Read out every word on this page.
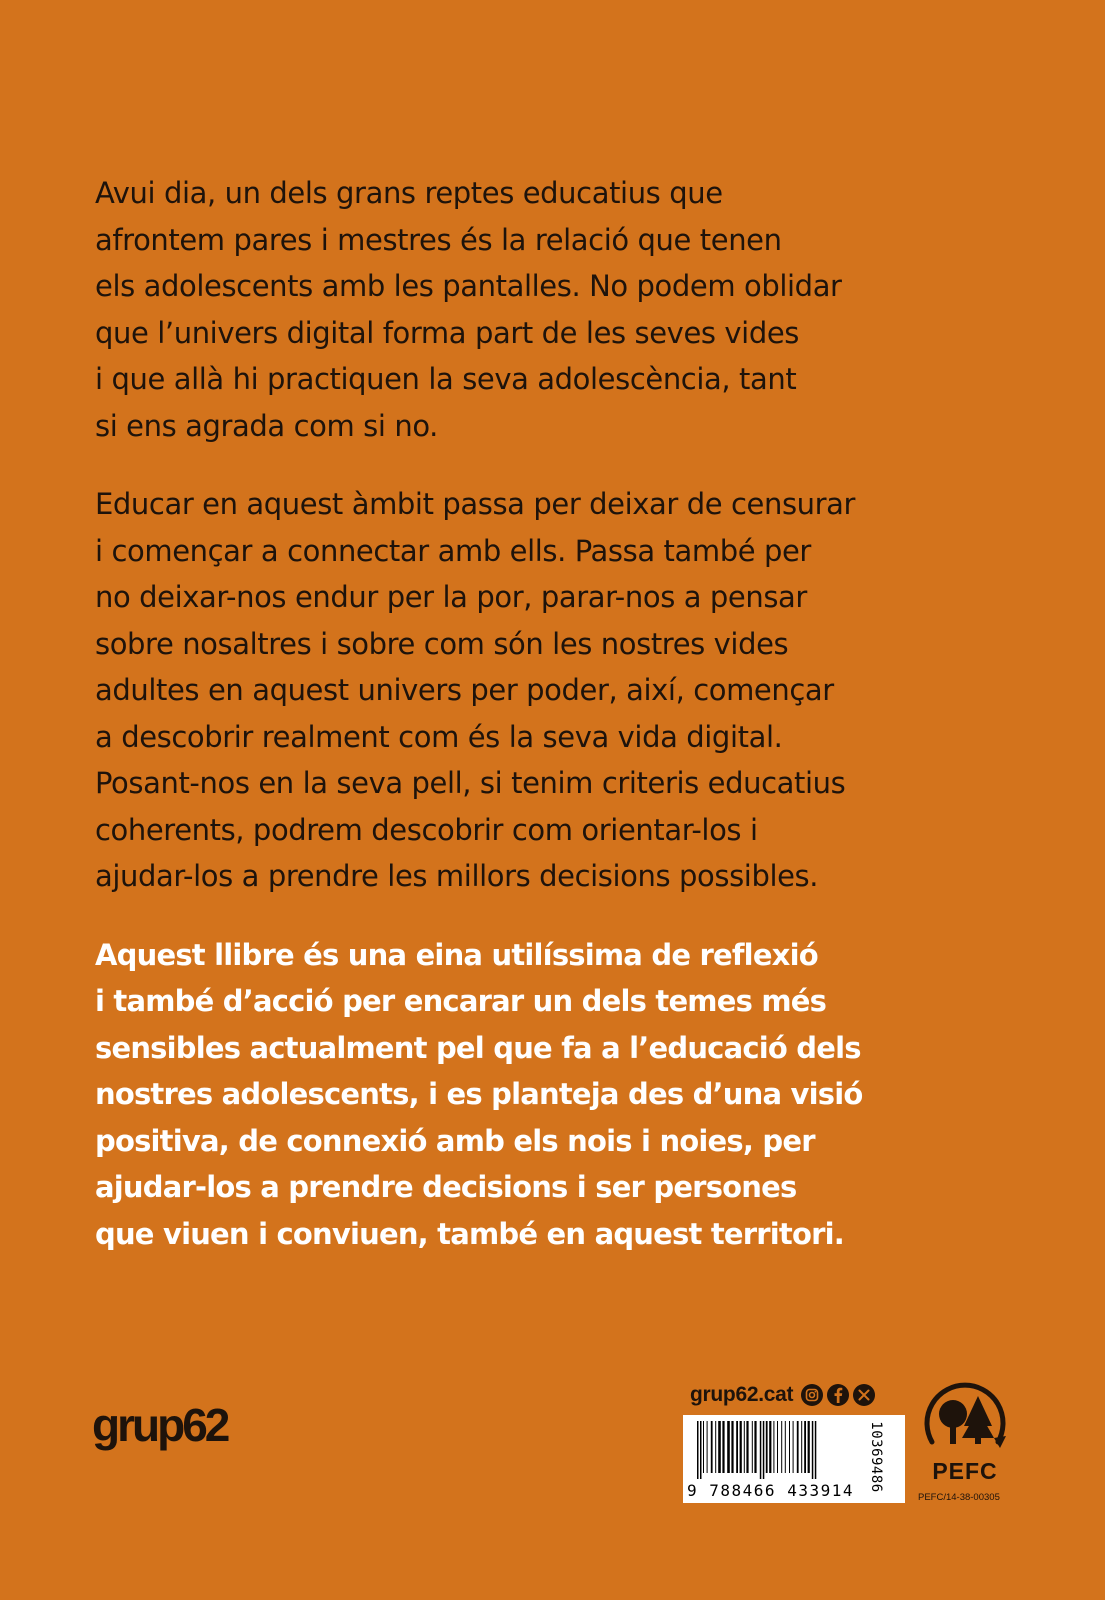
Avui dia, un dels grans reptes educatius que
afrontem pares i mestres és la relació que tenen
els adolescents amb les pantalles. No podem oblidar
que l’univers digital forma part de les seves vides
i que allà hi practiquen la seva adolescència, tant
si ens agrada com si no.

Educar en aquest àmbit passa per deixar de censurar
i començar a connectar amb ells. Passa també per
no deixar-nos endur per la por, parar-nos a pensar
sobre nosaltres i sobre com són les nostres vides
adultes en aquest univers per poder, així, començar
a descobrir realment com és la seva vida digital.
Posant-nos en la seva pell, si tenim criteris educatius
coherents, podrem descobrir com orientar-los i
ajudar-los a prendre les millors decisions possibles.

Aquest llibre és una eina utilíssima de reflexió
i també d’acció per encarar un dels temes més
sensibles actualment pel que fa a l’educació dels
nostres adolescents, i es planteja des d’una visió
positiva, de connexió amb els nois i noies, per
ajudar-los a prendre decisions i ser persones
que viuen i conviuen, també en aquest territori.

grup62
grup62.cat
9 788466 433914	10369486	PEFC
PEFC/14-38-00305
